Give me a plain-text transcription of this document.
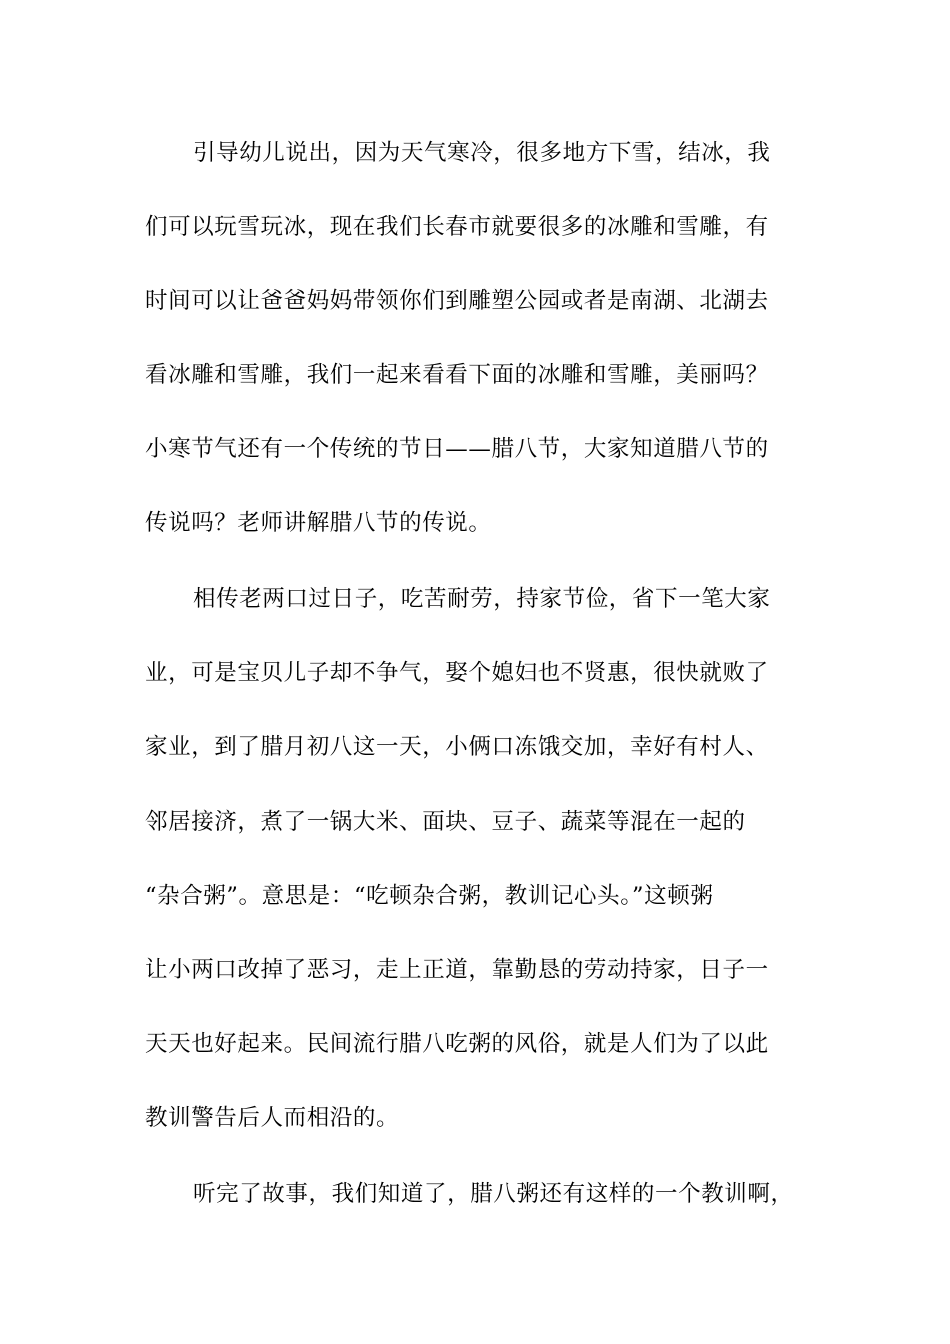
引导幼儿说出，因为天气寒冷，很多地方下雪，结冰，我
们可以玩雪玩冰，现在我们长春市就要很多的冰雕和雪雕，有
时间可以让爸爸妈妈带领你们到雕塑公园或者是南湖、北湖去
看冰雕和雪雕，我们一起来看看下面的冰雕和雪雕，美丽吗？
小寒节气还有一个传统的节日——腊八节，大家知道腊八节的
传说吗？老师讲解腊八节的传说。
相传老两口过日子，吃苦耐劳，持家节俭，省下一笔大家
业，可是宝贝儿子却不争气，娶个媳妇也不贤惠，很快就败了
家业，到了腊月初八这一天，小俩口冻饿交加，幸好有村人、
邻居接济，煮了一锅大米、面块、豆子、蔬菜等混在一起的
“杂合粥”。意思是：“吃顿杂合粥，教训记心头。”这顿粥
让小两口改掉了恶习，走上正道，靠勤恳的劳动持家，日子一
天天也好起来。民间流行腊八吃粥的风俗，就是人们为了以此
教训警告后人而相沿的。
听完了故事，我们知道了，腊八粥还有这样的一个教训啊，
